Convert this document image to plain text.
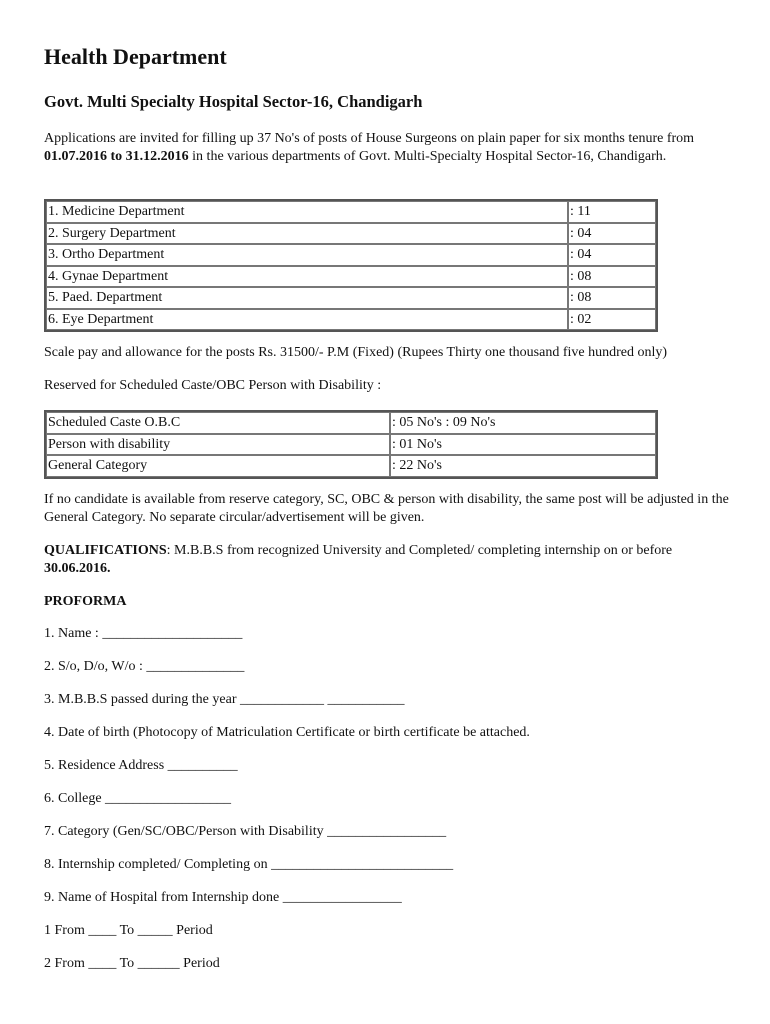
Health Department
Govt. Multi Specialty Hospital Sector-16, Chandigarh

Applications are invited for filling up 37 No's of posts of House Surgeons on plain paper for six months tenure from 01.07.2016 to 31.12.2016 in the various departments of Govt. Multi-Specialty Hospital Sector-16, Chandigarh.

1. Medicine Department	: 11
2. Surgery Department	: 04
3. Ortho Department	: 04
4. Gynae Department	: 08
5. Paed. Department	: 08
6. Eye Department	: 02

Scale pay and allowance for the posts Rs. 31500/- P.M (Fixed) (Rupees Thirty one thousand five hundred only)

Reserved for Scheduled Caste/OBC Person with Disability :

Scheduled Caste O.B.C	: 05 No's : 09 No's
Person with disability	: 01 No's
General Category	: 22 No's

If no candidate is available from reserve category, SC, OBC & person with disability, the same post will be adjusted in the General Category. No separate circular/advertisement will be given.

QUALIFICATIONS: M.B.B.S from recognized University and Completed/ completing internship on or before 30.06.2016.

PROFORMA

1. Name : ____________________

2. S/o, D/o, W/o : ______________

3. M.B.B.S passed during the year ____________ ___________

4. Date of birth (Photocopy of Matriculation Certificate or birth certificate be attached.

5. Residence Address __________

6. College __________________

7. Category (Gen/SC/OBC/Person with Disability _________________

8. Internship completed/ Completing on __________________________

9. Name of Hospital from Internship done _________________

1 From ____ To _____ Period

2 From ____ To ______ Period
